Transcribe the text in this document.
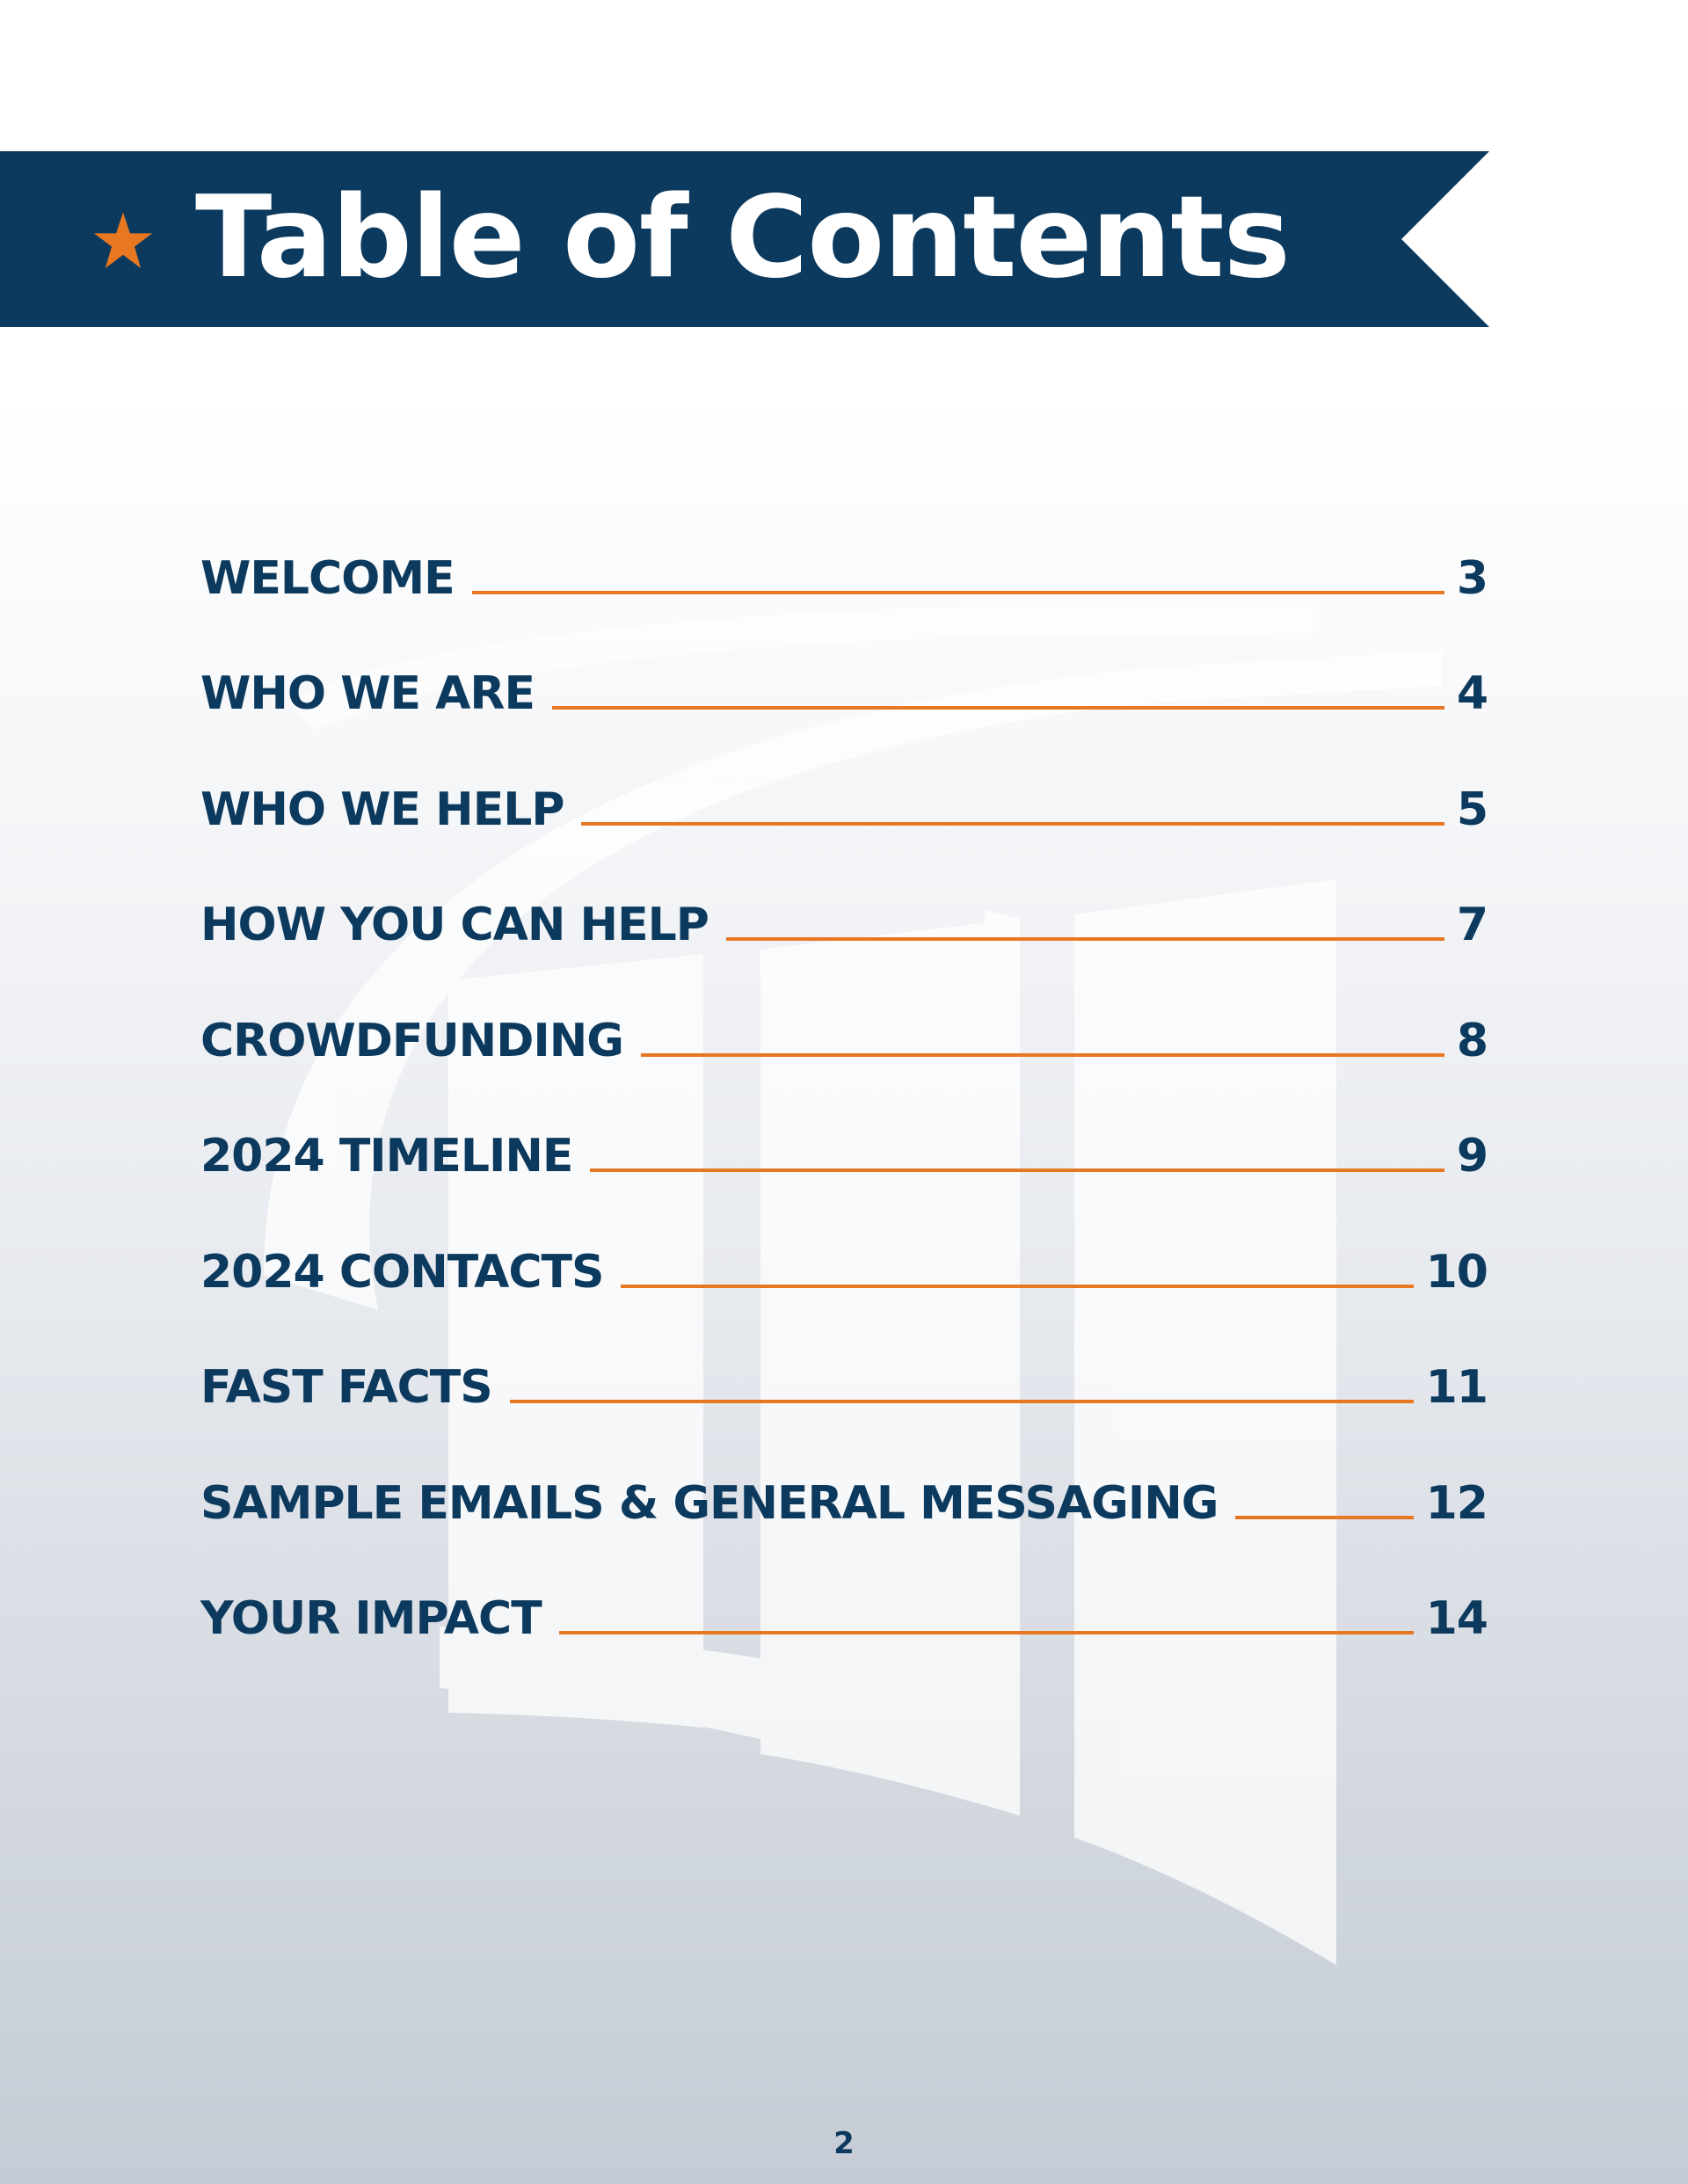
Table of Contents
WELCOME	3
WHO WE ARE	4
WHO WE HELP	5
HOW YOU CAN HELP	7
CROWDFUNDING	8
2024 TIMELINE	9
2024 CONTACTS	10
FAST FACTS	11
SAMPLE EMAILS & GENERAL MESSAGING	12
YOUR IMPACT	14
2
